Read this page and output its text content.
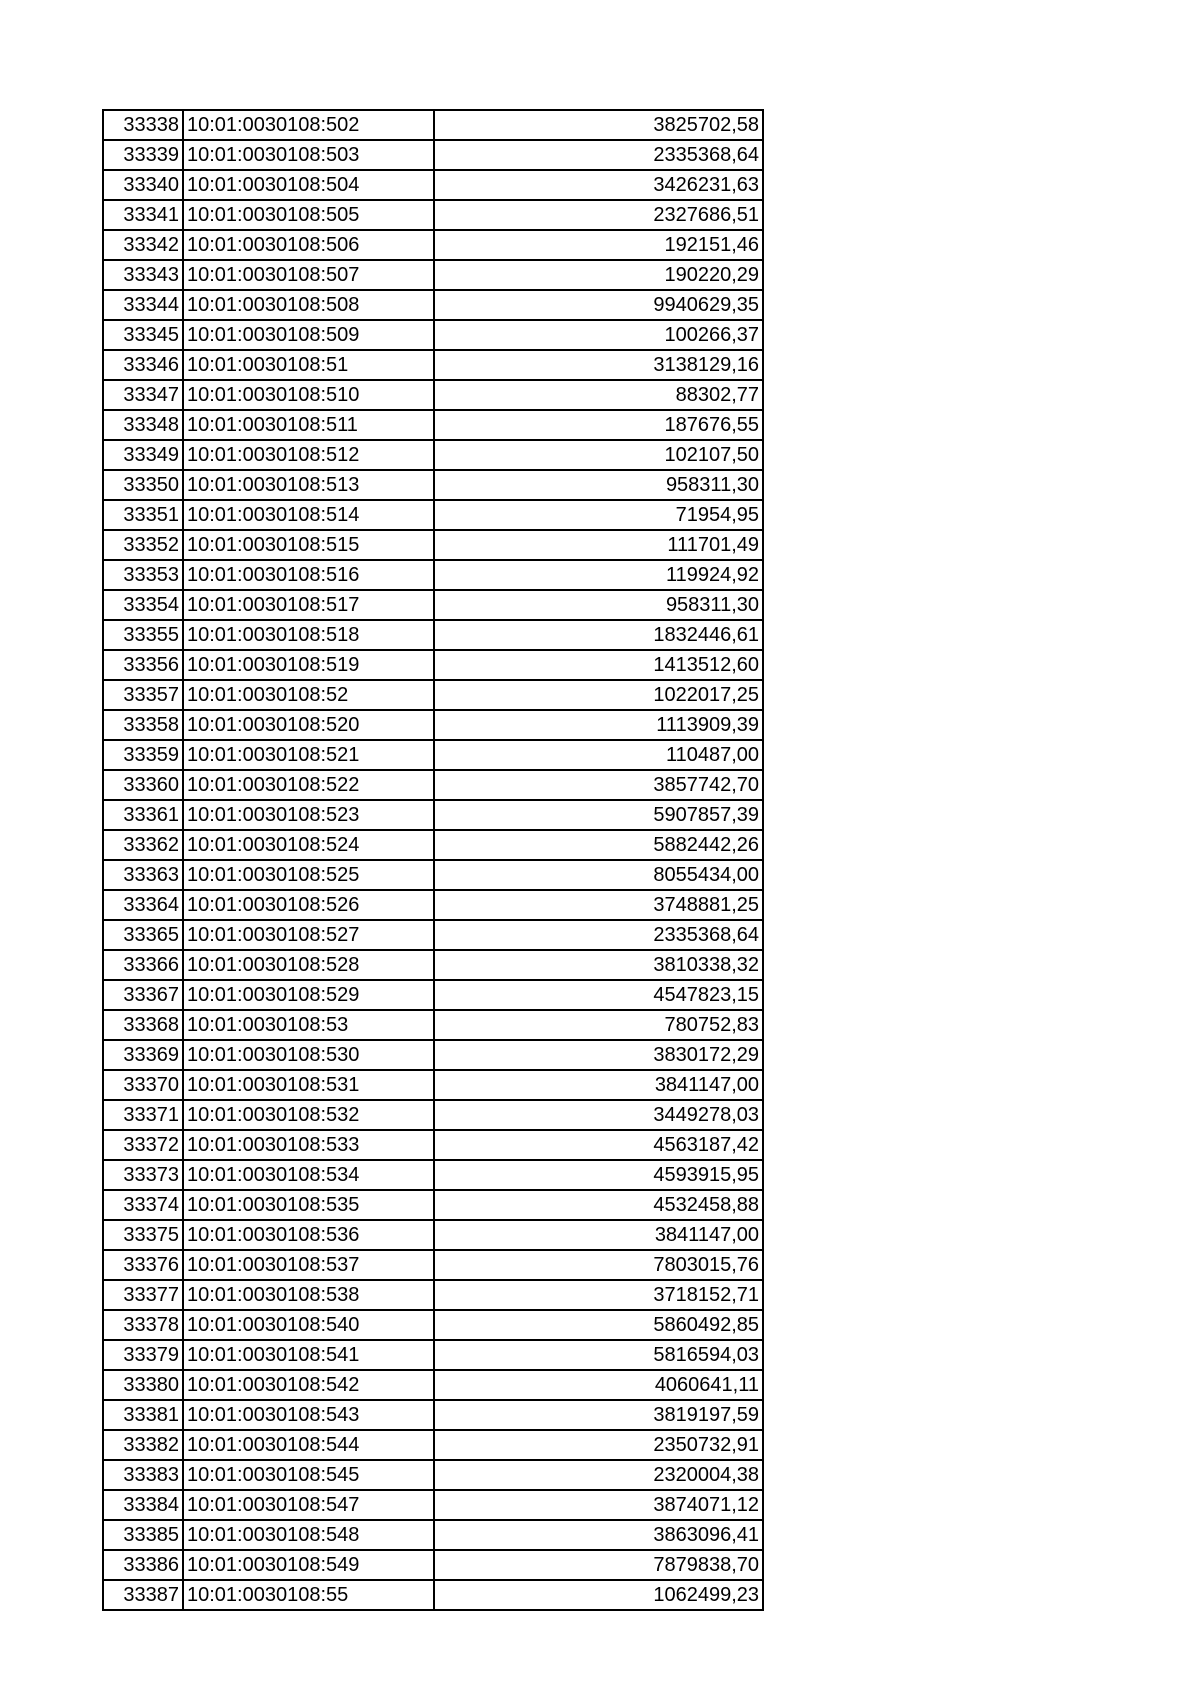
33338	10:01:0030108:502	3825702,58
33339	10:01:0030108:503	2335368,64
33340	10:01:0030108:504	3426231,63
33341	10:01:0030108:505	2327686,51
33342	10:01:0030108:506	192151,46
33343	10:01:0030108:507	190220,29
33344	10:01:0030108:508	9940629,35
33345	10:01:0030108:509	100266,37
33346	10:01:0030108:51	3138129,16
33347	10:01:0030108:510	88302,77
33348	10:01:0030108:511	187676,55
33349	10:01:0030108:512	102107,50
33350	10:01:0030108:513	958311,30
33351	10:01:0030108:514	71954,95
33352	10:01:0030108:515	111701,49
33353	10:01:0030108:516	119924,92
33354	10:01:0030108:517	958311,30
33355	10:01:0030108:518	1832446,61
33356	10:01:0030108:519	1413512,60
33357	10:01:0030108:52	1022017,25
33358	10:01:0030108:520	1113909,39
33359	10:01:0030108:521	110487,00
33360	10:01:0030108:522	3857742,70
33361	10:01:0030108:523	5907857,39
33362	10:01:0030108:524	5882442,26
33363	10:01:0030108:525	8055434,00
33364	10:01:0030108:526	3748881,25
33365	10:01:0030108:527	2335368,64
33366	10:01:0030108:528	3810338,32
33367	10:01:0030108:529	4547823,15
33368	10:01:0030108:53	780752,83
33369	10:01:0030108:530	3830172,29
33370	10:01:0030108:531	3841147,00
33371	10:01:0030108:532	3449278,03
33372	10:01:0030108:533	4563187,42
33373	10:01:0030108:534	4593915,95
33374	10:01:0030108:535	4532458,88
33375	10:01:0030108:536	3841147,00
33376	10:01:0030108:537	7803015,76
33377	10:01:0030108:538	3718152,71
33378	10:01:0030108:540	5860492,85
33379	10:01:0030108:541	5816594,03
33380	10:01:0030108:542	4060641,11
33381	10:01:0030108:543	3819197,59
33382	10:01:0030108:544	2350732,91
33383	10:01:0030108:545	2320004,38
33384	10:01:0030108:547	3874071,12
33385	10:01:0030108:548	3863096,41
33386	10:01:0030108:549	7879838,70
33387	10:01:0030108:55	1062499,23
